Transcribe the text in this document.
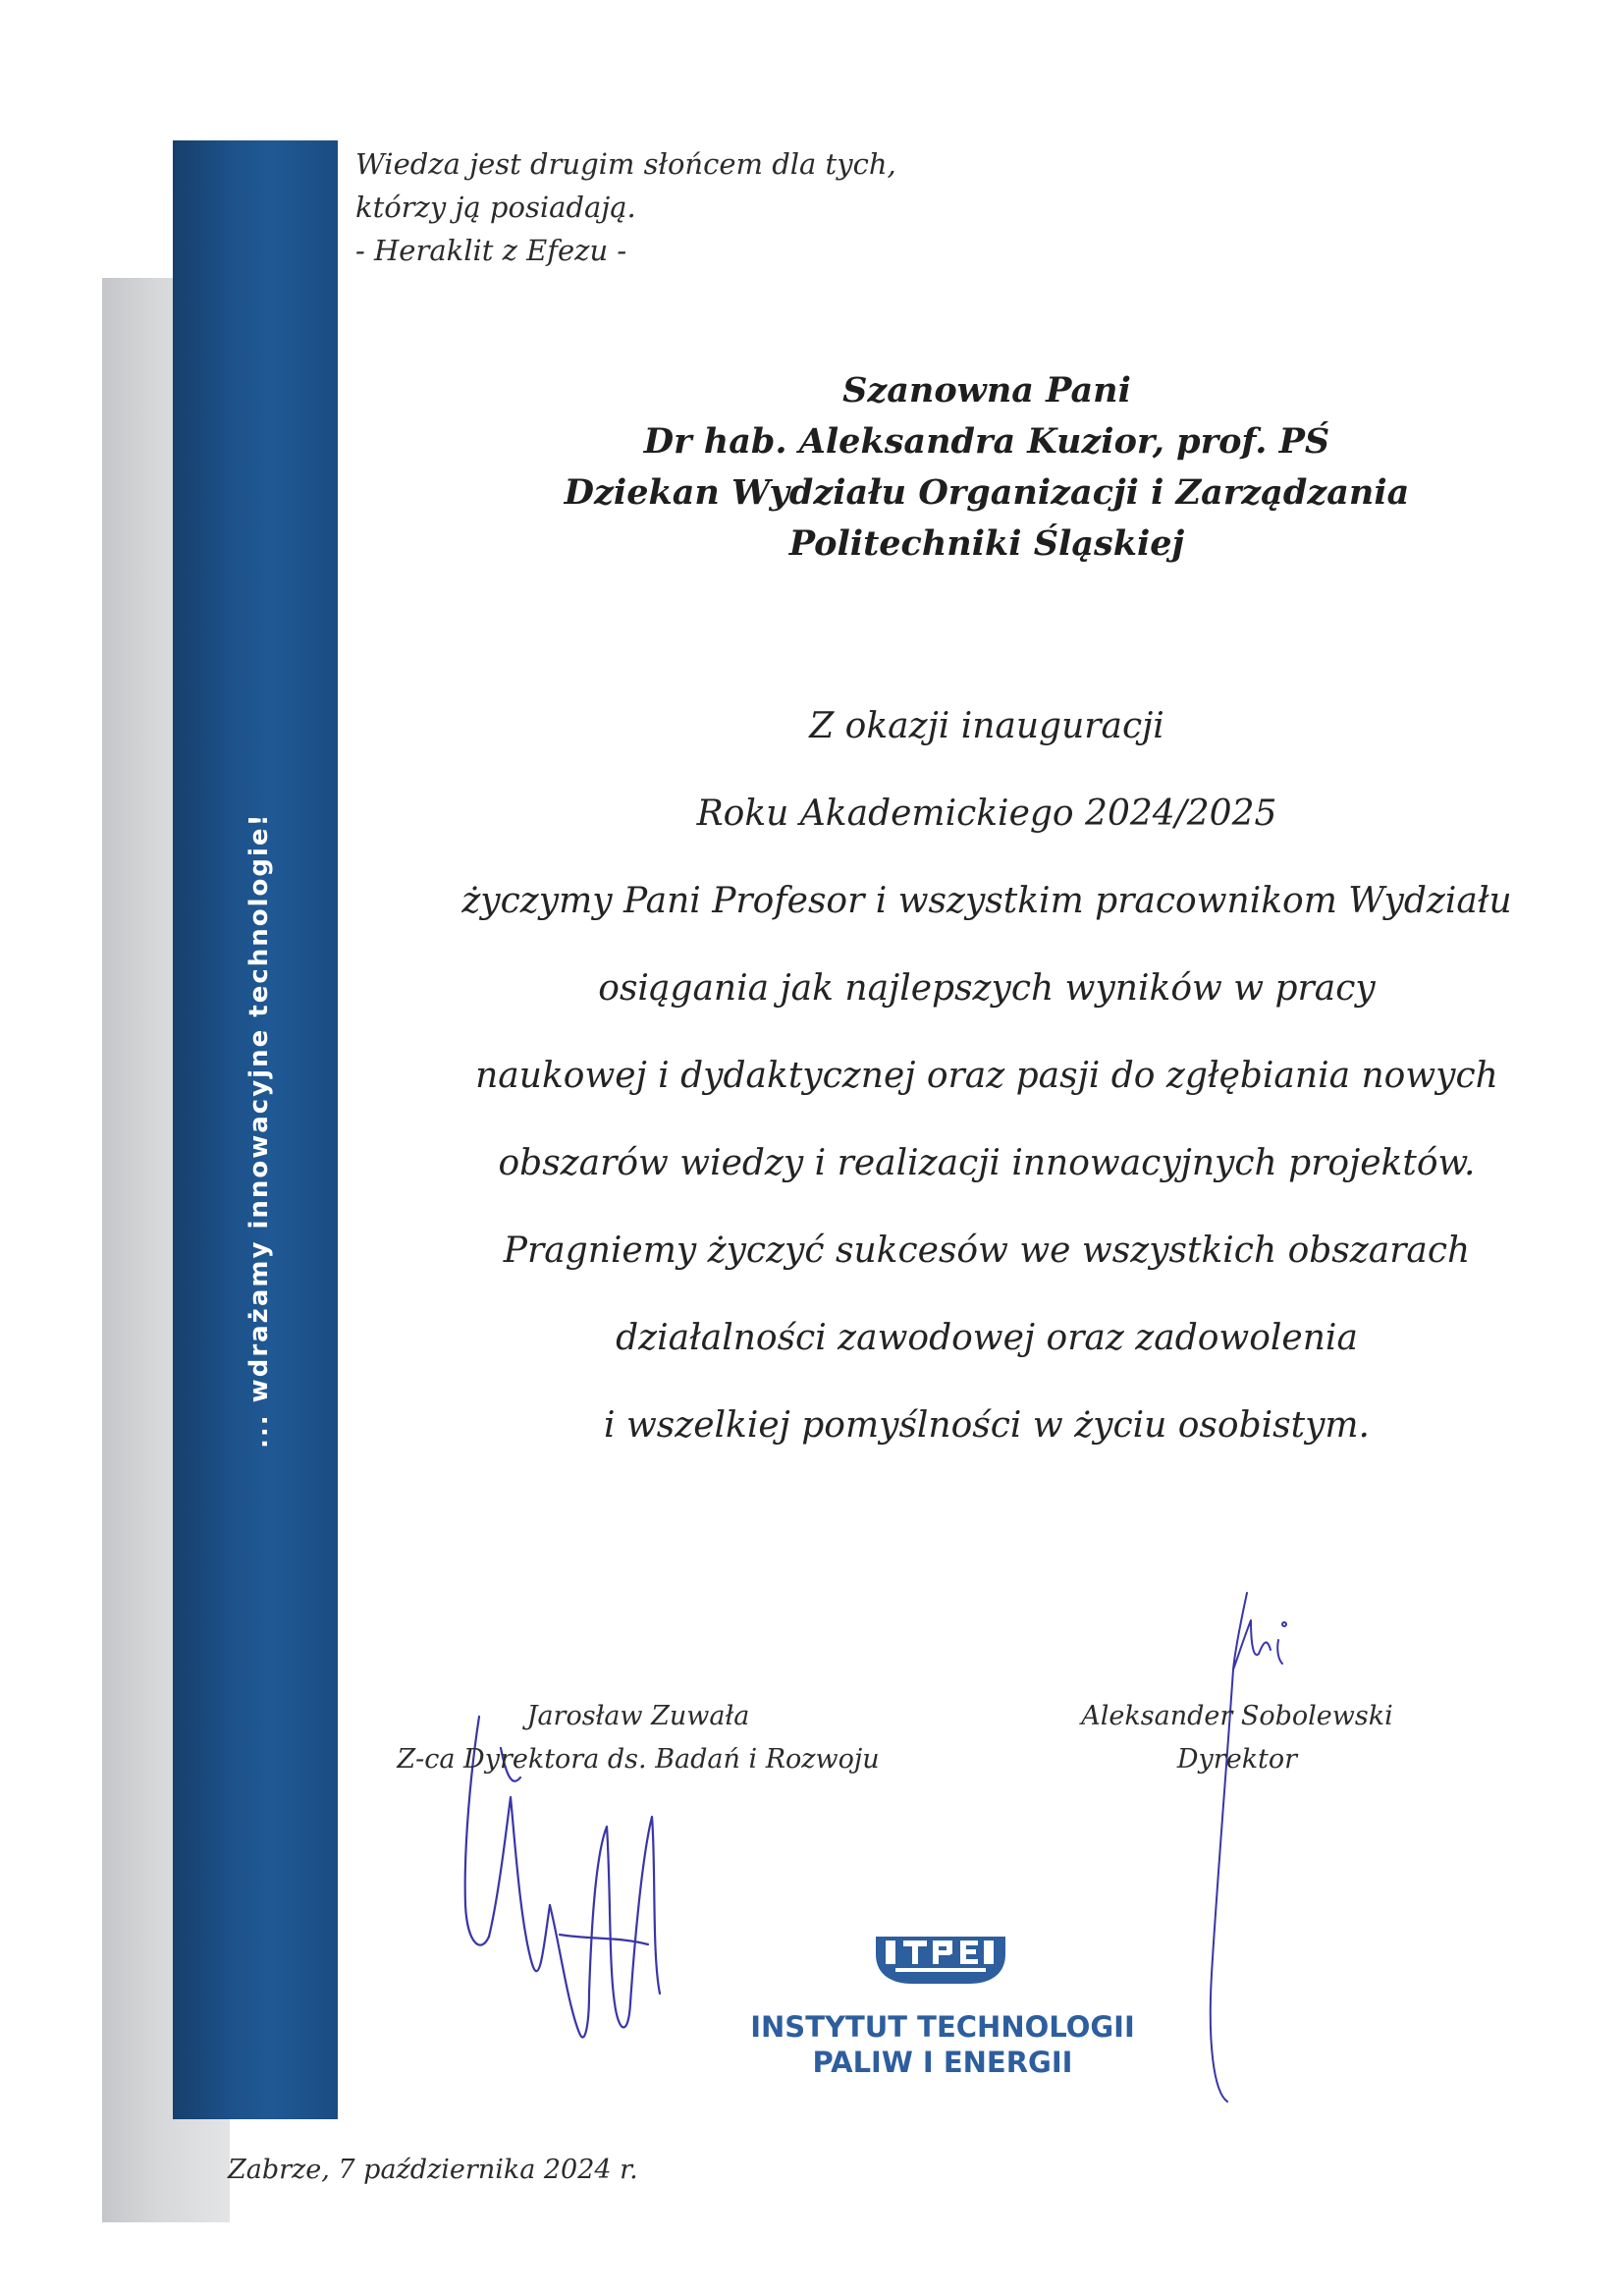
... wdrażamy innowacyjne technologie!
Wiedza jest drugim słońcem dla tych,
którzy ją posiadają.
- Heraklit z Efezu -
Szanowna Pani
Dr hab. Aleksandra Kuzior, prof. PŚ
Dziekan Wydziału Organizacji i Zarządzania
Politechniki Śląskiej
Z okazji inauguracji
Roku Akademickiego 2024/2025
życzymy Pani Profesor i wszystkim pracownikom Wydziału
osiągania jak najlepszych wyników w pracy
naukowej i dydaktycznej oraz pasji do zgłębiania nowych
obszarów wiedzy i realizacji innowacyjnych projektów.
Pragniemy życzyć sukcesów we wszystkich obszarach
działalności zawodowej oraz zadowolenia
i wszelkiej pomyślności w życiu osobistym.
Jarosław Zuwała
Z-ca Dyrektora ds. Badań i Rozwoju
Aleksander Sobolewski
Dyrektor
INSTYTUT TECHNOLOGII
PALIW I ENERGII
Zabrze, 7 października 2024 r.
